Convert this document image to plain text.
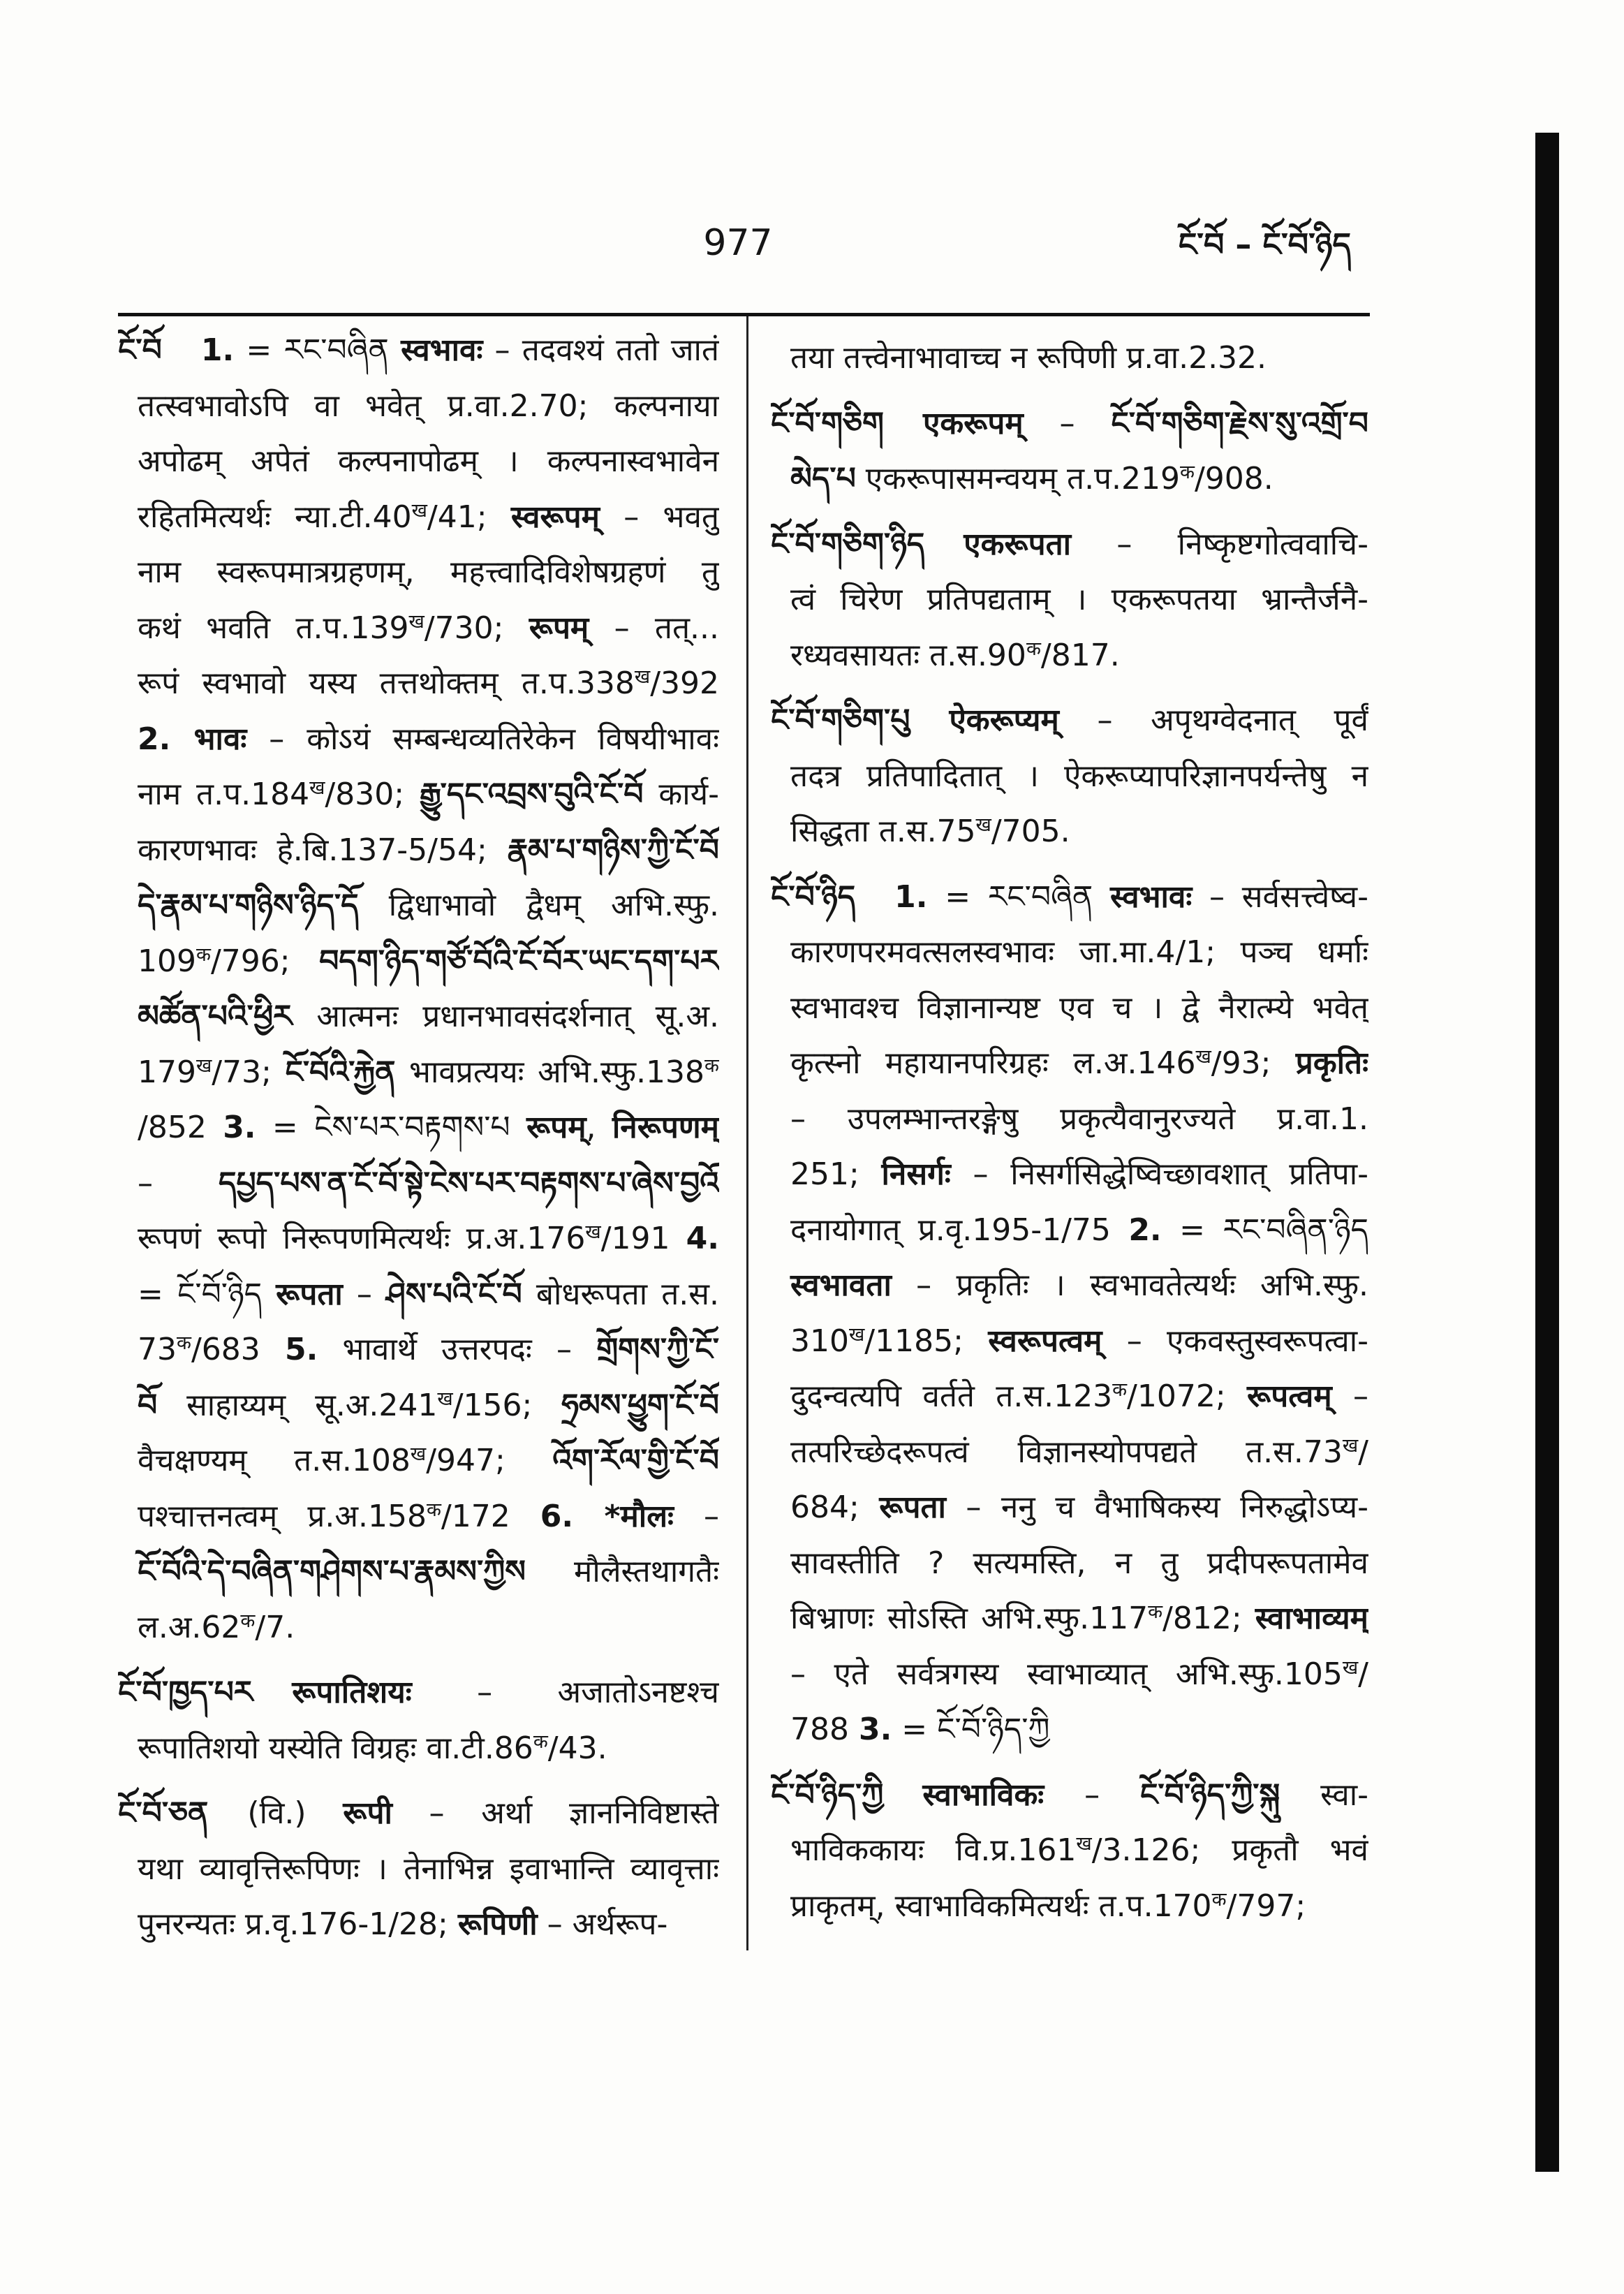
977	ངོ་བོ – ངོ་བོ་ཉིད
ངོ་བོ 1. = རང་བཞིན स्वभावः – तदवश्यं ततो जातं
तत्स्वभावोऽपि वा भवेत् प्र.वा.2.70; कल्पनाया
अपोढम् अपेतं कल्पनापोढम् । कल्पनास्वभावेन
रहितमित्यर्थः $न्या.टी.40^ख/41$; स्वरूपम् – भवतु
नाम स्वरूपमात्रग्रहणम्, महत्त्वादिविशेषग्रहणं तु
कथं भवति $त.प.139^ख/730$; रूपम् – तत्...
रूपं स्वभावो यस्य तत्तथोक्तम् $त.प.338^ख/392$
2. भावः – कोऽयं सम्बन्धव्यतिरेकेन विषयीभावः
नाम $त.प.184^ख/830$; རྒྱུ་དང་འབྲས་བུའི་ངོ་བོ कार्य-
कारणभावः हे.बि.137-5/54; རྣམ་པ་གཉིས་ཀྱི་ངོ་བོ
དེ་རྣམ་པ་གཉིས་ཉིད་དོ द्विधाभावो द्वैधम् अभि.स्फु.
$109^क/796$; བདག་ཉིད་གཙོ་བོའི་ངོ་བོར་ཡང་དག་པར
མཚོན་པའི་ཕྱིར आत्मनः प्रधानभावसंदर्शनात् सू.अ.
$179^ख/73$; ངོ་བོའི་རྐྱེན भावप्रत्ययः $अभि.स्फु.138^क$
/852 3. = ངེས་པར་བརྟགས་པ रूपम्, निरूपणम्
– དཔྱད་པས་ན་ངོ་བོ་སྟེ་ངེས་པར་བརྟགས་པ་ཞེས་བྱའོ
रूपणं रूपो निरूपणमित्यर्थः $प्र.अ.176^ख/191$ 4.
= ངོ་བོ་ཉིད रूपता – ཤེས་པའི་ངོ་བོ बोधरूपता त.स.
$73^क/683$ 5. भावार्थे उत्तरपदः – གྲོགས་ཀྱི་ངོ་
བོ साहाय्यम् $सू.अ.241^ख/156$; ཧྲམས་ཕྱུག་ངོ་བོ
वैचक्षण्यम् $त.स.108^ख/947$; འོག་རོལ་གྱི་ངོ་བོ
पश्चात्तनत्वम् $प्र.अ.158^क/172$ 6. *मौलः –
ངོ་བོའི་དེ་བཞིན་གཤེགས་པ་རྣམས་ཀྱིས मौलैस्तथागतैः
$ल.अ.62^क/7$.
ངོ་བོ་ཁྱད་པར रूपातिशयः – अजातोऽनष्टश्च
रूपातिशयो यस्येति विग्रहः $वा.टी.86^क/43$.
ངོ་བོ་ཅན (वि.) रूपी – अर्था ज्ञाननिविष्टास्ते
यथा व्यावृत्तिरूपिणः । तेनाभिन्न इवाभान्ति व्यावृत्ताः
पुनरन्यतः प्र.वृ.176-1/28; रूपिणी – अर्थरूप-
तया तत्त्वेनाभावाच्च न रूपिणी प्र.वा.2.32.
ངོ་བོ་གཅིག एकरूपम् – ངོ་བོ་གཅིག་རྗེས་སུ་འགྲོ་བ
མེད་པ एकरूपासमन्वयम् $त.प.219^क/908$.
ངོ་བོ་གཅིག་ཉིད एकरूपता – निष्कृष्टगोत्ववाचि-
त्वं चिरेण प्रतिपद्यताम् । एकरूपतया भ्रान्तैर्जनै-
रध्यवसायतः $त.स.90^क/817$.
ངོ་བོ་གཅིག་པུ ऐकरूप्यम् – अपृथग्वेदनात् पूर्वं
तदत्र प्रतिपादितात् । ऐकरूप्यापरिज्ञानपर्यन्तेषु न
सिद्धता $त.स.75^ख/705$.
ངོ་བོ་ཉིད 1. = རང་བཞིན स्वभावः – सर्वसत्त्वेष्व-
कारणपरमवत्सलस्वभावः जा.मा.4/1; पञ्च धर्माः
स्वभावश्च विज्ञानान्यष्ट एव च । द्वे नैरात्म्ये भवेत्
कृत्स्नो महायानपरिग्रहः $ल.अ.146^ख/93$; प्रकृतिः
– उपलम्भान्तरङ्गेषु प्रकृत्यैवानुरज्यते प्र.वा.1.
251; निसर्गः – निसर्गसिद्धेष्विच्छावशात् प्रतिपा-
दनायोगात् प्र.वृ.195-1/75 2. = རང་བཞིན་ཉིད
स्वभावता – प्रकृतिः । स्वभावतेत्यर्थः अभि.स्फु.
$310^ख/1185$; स्वरूपत्वम् – एकवस्तुस्वरूपत्वा-
दुदन्वत्यपि वर्तते $त.स.123^क/1072$; रूपत्वम् –
तत्परिच्छेदरूपत्वं विज्ञानस्योपपद्यते $त.स.73^ख/$
684; रूपता – ननु च वैभाषिकस्य निरुद्धोऽप्य-
सावस्तीति ? सत्यमस्ति, न तु प्रदीपरूपतामेव
बिभ्राणः सोऽस्ति $अभि.स्फु.117^क/812$; स्वाभाव्यम्
– एते सर्वत्रगस्य स्वाभाव्यात् $अभि.स्फु.105^ख/$
788 3. = ངོ་བོ་ཉིད་ཀྱི
ངོ་བོ་ཉིད་ཀྱི स्वाभाविकः – ངོ་བོ་ཉིད་ཀྱི་སྐུ स्वा-
भाविककायः $वि.प्र.161^ख/3.126$; प्रकृतौ भवं
प्राकृतम्, स्वाभाविकमित्यर्थः $त.प.170^क/797$;
